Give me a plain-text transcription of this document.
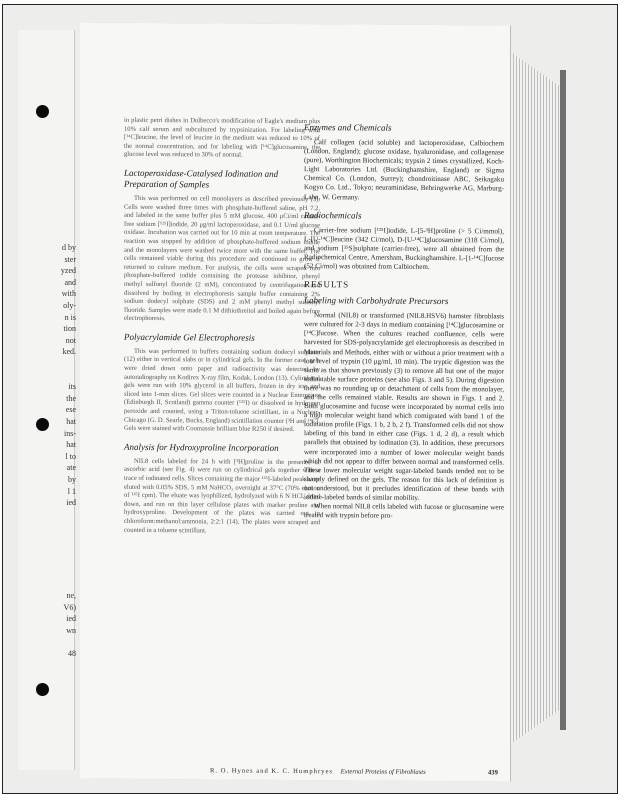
d by
ster
yzed
and
with
oly-
n is
tion
not
ked.
its
the
ese
hat
ins-
hat
l to
ate
by
l 1
ied
ne,
V6)
ied
wn
48

in plastic petri dishes in Dulbecco's modification of Eagle's medium plus 10% calf serum and subcultured by trypsinization. For labeling with [¹⁴C]leucine, the level of leucine in the medium was reduced to 10% of the normal concentration, and for labeling with [¹⁴C]glucosamine, the glucose level was reduced to 30% of normal.

Lactoperoxidase-Catalysed Iodination and Preparation of Samples

This was performed on cell monolayers as described previously (3). Cells were washed three times with phosphate-buffered saline, pH 7.2, and labeled in the same buffer plus 5 mM glucose, 400 μCi/ml carrier-free sodium [¹²⁵I]iodide, 20 μg/ml lactoperoxidase, and 0.1 U/ml glucose oxidase. Incubation was carried out for 10 min at room temperature. The reaction was stopped by addition of phosphate-buffered sodium iodide and the monolayers were washed twice more with the same buffer. The cells remained viable during this procedure and continued to grow if returned to culture medium. For analysis, the cells were scraped into phosphate-buffered iodide containing the protease inhibitor, phenyl methyl sulfonyl fluoride (2 mM), concentrated by centrifugation and dissolved by boiling in electrophoresis sample buffer containing 2% sodium dodecyl sulphate (SDS) and 2 mM phenyl methyl sulfonyl fluoride. Samples were made 0.1 M dithiothreitol and boiled again before electrophoresis.

Polyacrylamide Gel Electrophoresis

This was performed in buffers containing sodium dodecyl sulphate (12) either in vertical slabs or in cylindrical gels. In the former case, gels were dried down onto paper and radioactivity was detected by autoradiography on Kodirex X-ray film, Kodak, London (13). Cylindrical gels were run with 10% glycerol in all buffers, frozen in dry ice, and sliced into 1-mm slices. Gel slices were counted in a Nuclear Enterprises (Edinburgh II, Scotland) gamma counter (¹²⁵I) or dissolved in hydrogen peroxide and counted, using a Triton-toluene scintillant, in a Nuclear-Chicago (G. D. Searle, Bucks, England) scintillation counter (³H and ¹⁴C). Gels were stained with Coomassie brilliant blue R250 if desired.

Analysis for Hydroxyproline Incorporation

NIL8 cells labeled for 24 h with [³H]proline in the presence of ascorbic acid (see Fig. 4) were run on cylindrical gels together with a trace of iodinated cells. Slices containing the major ¹²⁵I-labeled peak were eluted with 0.05% SDS, 5 mM NaHCO₃ overnight at 37°C (70% elution of ¹²⁵I cpm). The eluate was lyophilized, hydrolyzed with 6 N HCl, dried down, and run on thin layer cellulose plates with marker proline and hydroxyproline. Development of the plates was carried out in chloroform:methanol:ammonia, 2:2:1 (14). The plates were scraped and counted in a toluene scintillant.

Enzymes and Chemicals

Calf collagen (acid soluble) and lactoperoxidase, Calbiochem (London, England); glucose oxidase, hyaluronidase, and collagenase (pure), Worthington Biochemicals; trypsin 2 times crystallized, Koch-Light Laboratories Ltd. (Buckinghamshire, England) or Sigma Chemical Co. (London, Surrey); chondroitinase ABC, Seikagaku Kogyo Co. Ltd., Tokyo; neuraminidase, Behringwerke AG, Marburg-Lahn, W. Germany.

Radiochemicals

Carrier-free sodium [¹²⁵I]iodide, L-[5-³H]proline (> 5 Ci/mmol), L-[U-¹⁴C]leucine (342 Ci/mol), D-[U-¹⁴C]glucosamine (318 Ci/mol), and sodium [³⁵S]sulphate (carrier-free), were all obtained from the Radiochemical Centre, Amersham, Buckinghamshire. L-[1-¹⁴C]fucose (52 Ci/mol) was obtained from Calbiochem.

RESULTS
Labeling with Carbohydrate Precursors

Normal (NIL8) or transformed (NIL8.HSV6) hamster fibroblasts were cultured for 2-3 days in medium containing [¹⁴C]glucosamine or [¹⁴C]fucose. When the cultures reached confluence, cells were harvested for SDS-polyacrylamide gel electrophoresis as described in Materials and Methods, either with or without a prior treatment with a low level of trypsin (10 μg/ml, 10 min). The tryptic digestion was the same as that shown previously (3) to remove all but one of the major iodinatable surface proteins (see also Figs. 3 and 5). During digestion there was no rounding up or detachment of cells from the monolayer, and the cells remained viable. Results are shown in Figs. 1 and 2. Both glucosamine and fucose were incorporated by normal cells into a high molecular weight band which comigrated with band 1 of the iodination profile (Figs. 1 b, 2 b, 2 f). Transformed cells did not show labeling of this band in either case (Figs. 1 d, 2 d), a result which parallels that obtained by iodination (3). In addition, these precursors were incorporated into a number of lower molecular weight bands which did not appear to differ between normal and transformed cells. These lower molecular weight sugar-labeled bands tended not to be sharply defined on the gels. The reason for this lack of definition is not understood, but it precludes identification of these bands with iodine-labeled bands of similar mobility.

When normal NIL8 cells labeled with fucose or glucosamine were treated with trypsin before pro-

R. O. Hynes and K. C. Humphryes External Proteins of Fibroblasts	439
